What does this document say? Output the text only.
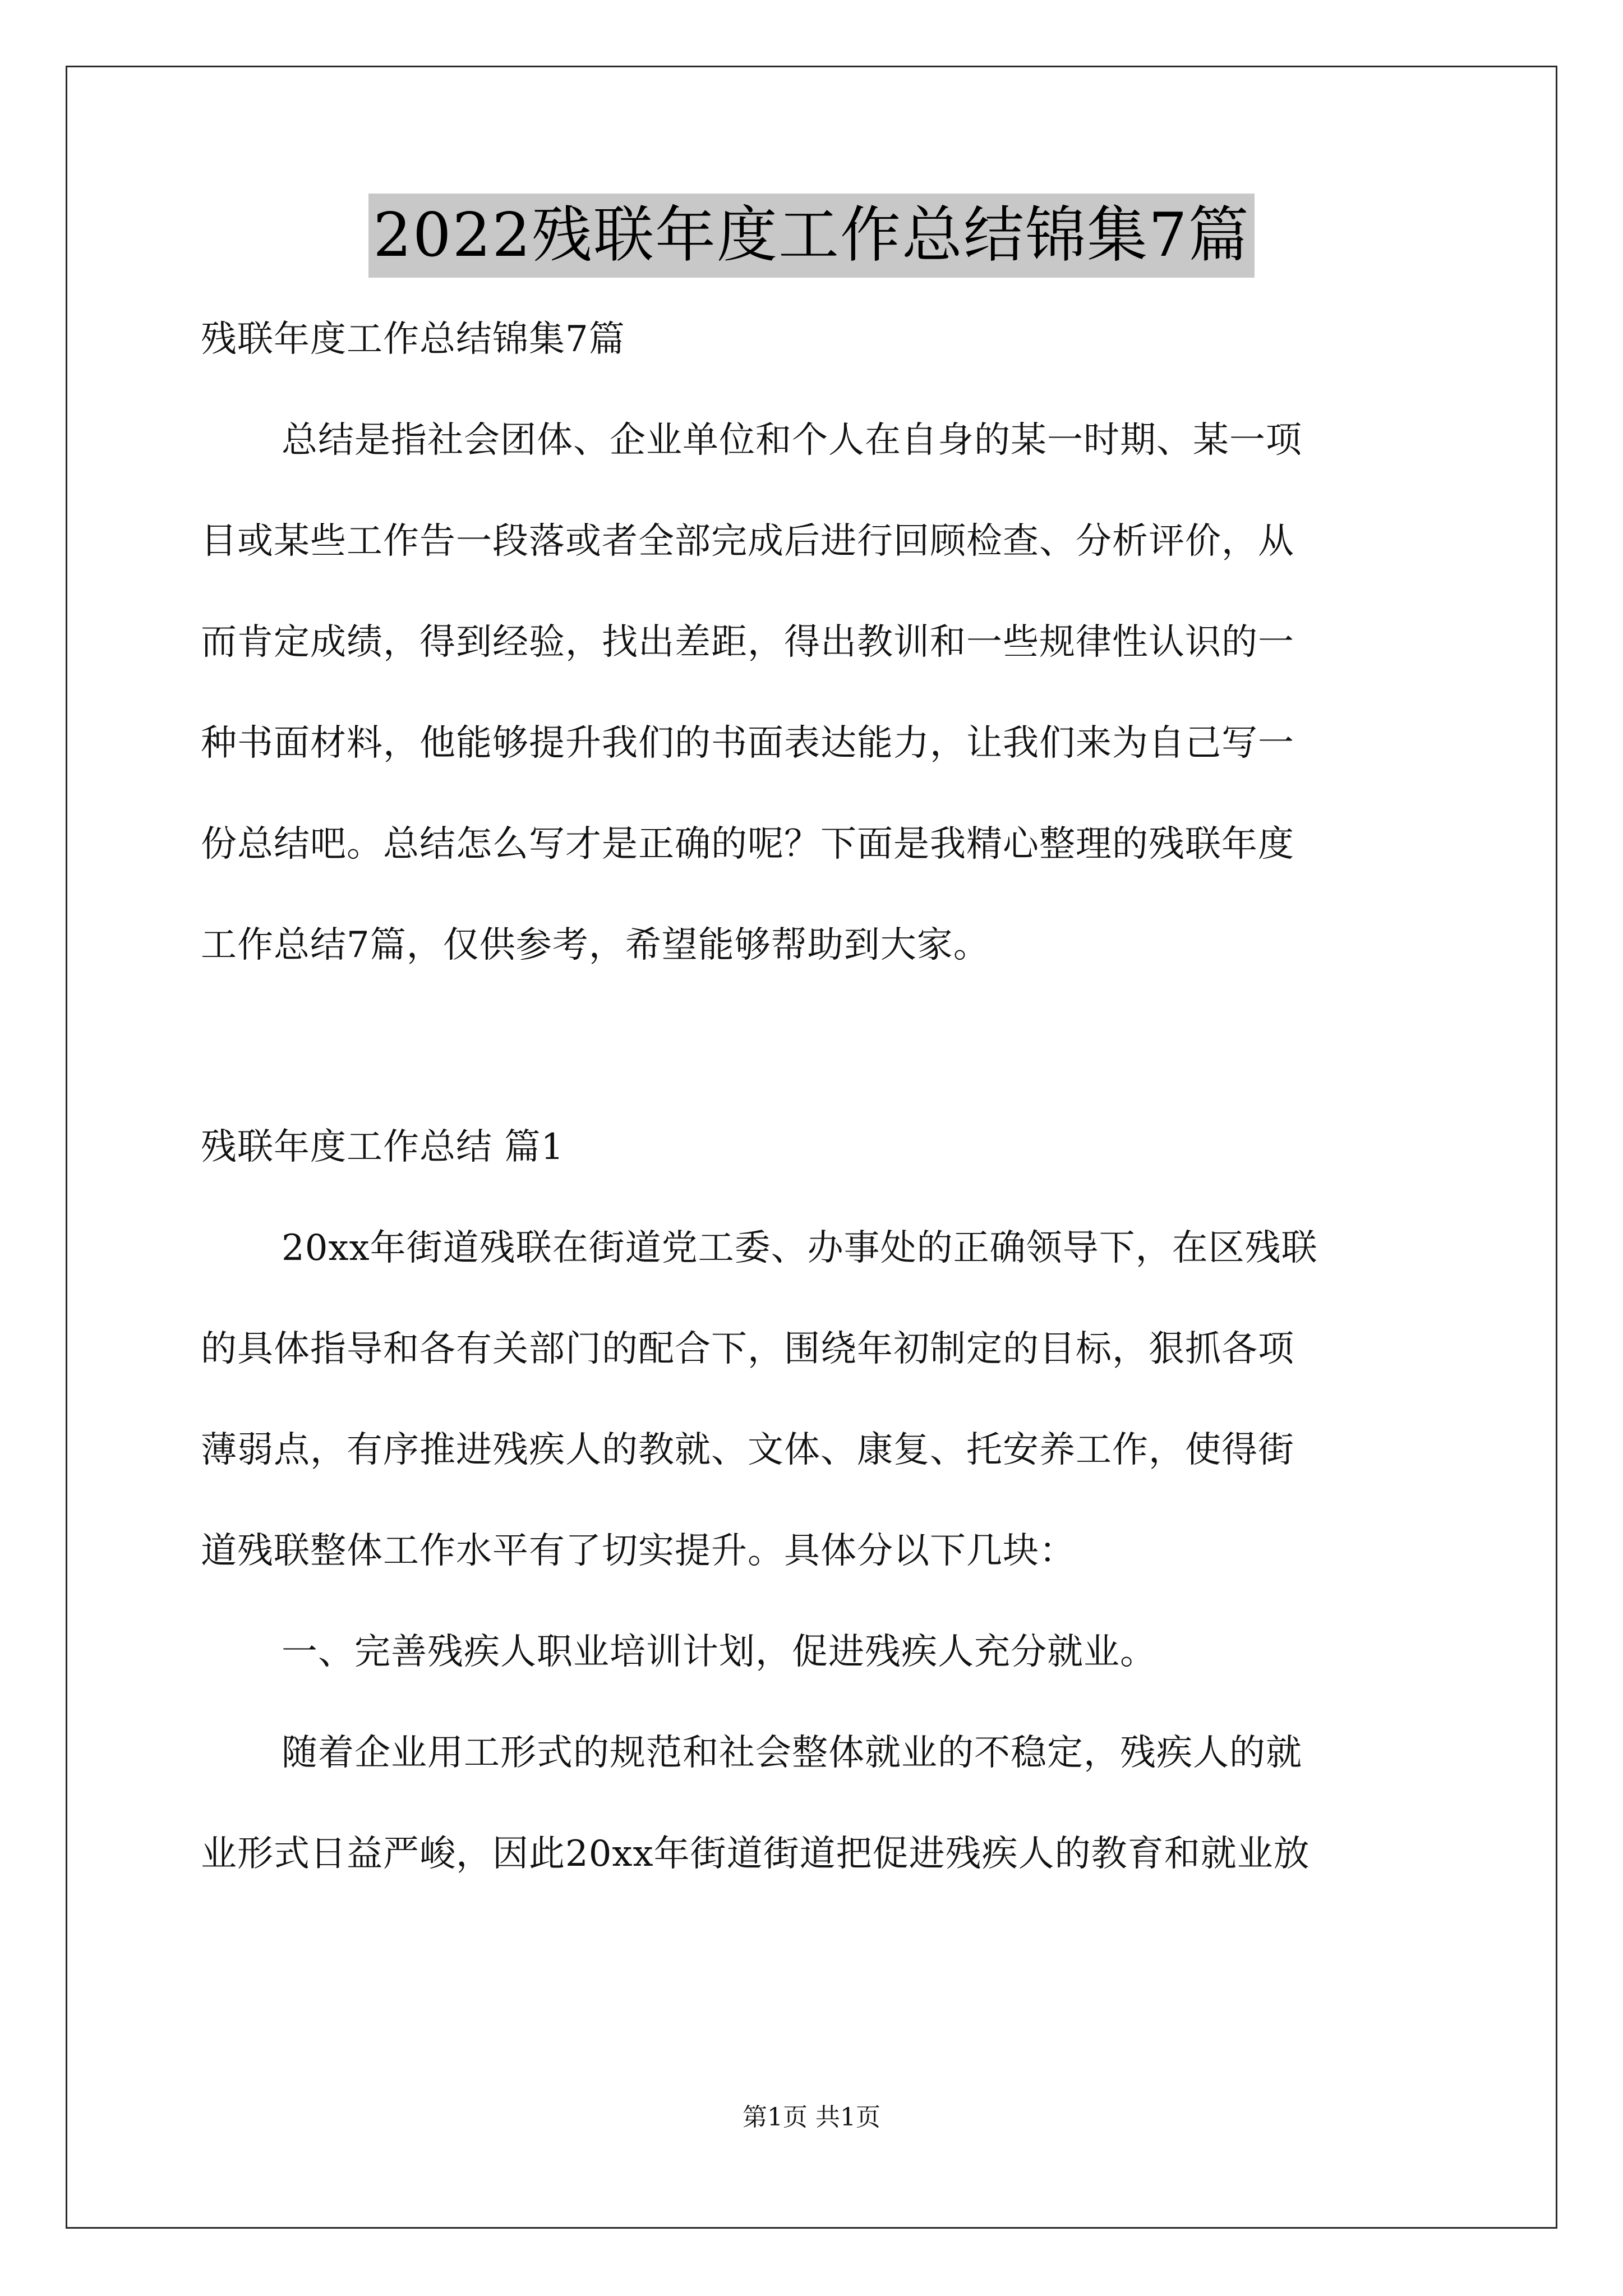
2022残联年度工作总结锦集7篇
残联年度工作总结锦集7篇
总结是指社会团体、企业单位和个人在自身的某一时期、某一项
目或某些工作告一段落或者全部完成后进行回顾检查、分析评价，从
而肯定成绩，得到经验，找出差距，得出教训和一些规律性认识的一
种书面材料，他能够提升我们的书面表达能力，让我们来为自己写一
份总结吧。总结怎么写才是正确的呢？下面是我精心整理的残联年度
工作总结7篇，仅供参考，希望能够帮助到大家。
残联年度工作总结 篇1
20xx年街道残联在街道党工委、办事处的正确领导下，在区残联
的具体指导和各有关部门的配合下，围绕年初制定的目标，狠抓各项
薄弱点，有序推进残疾人的教就、文体、康复、托安养工作，使得街
道残联整体工作水平有了切实提升。具体分以下几块：
一、完善残疾人职业培训计划，促进残疾人充分就业。
随着企业用工形式的规范和社会整体就业的不稳定，残疾人的就
业形式日益严峻，因此20xx年街道街道把促进残疾人的教育和就业放
第1页 共1页
